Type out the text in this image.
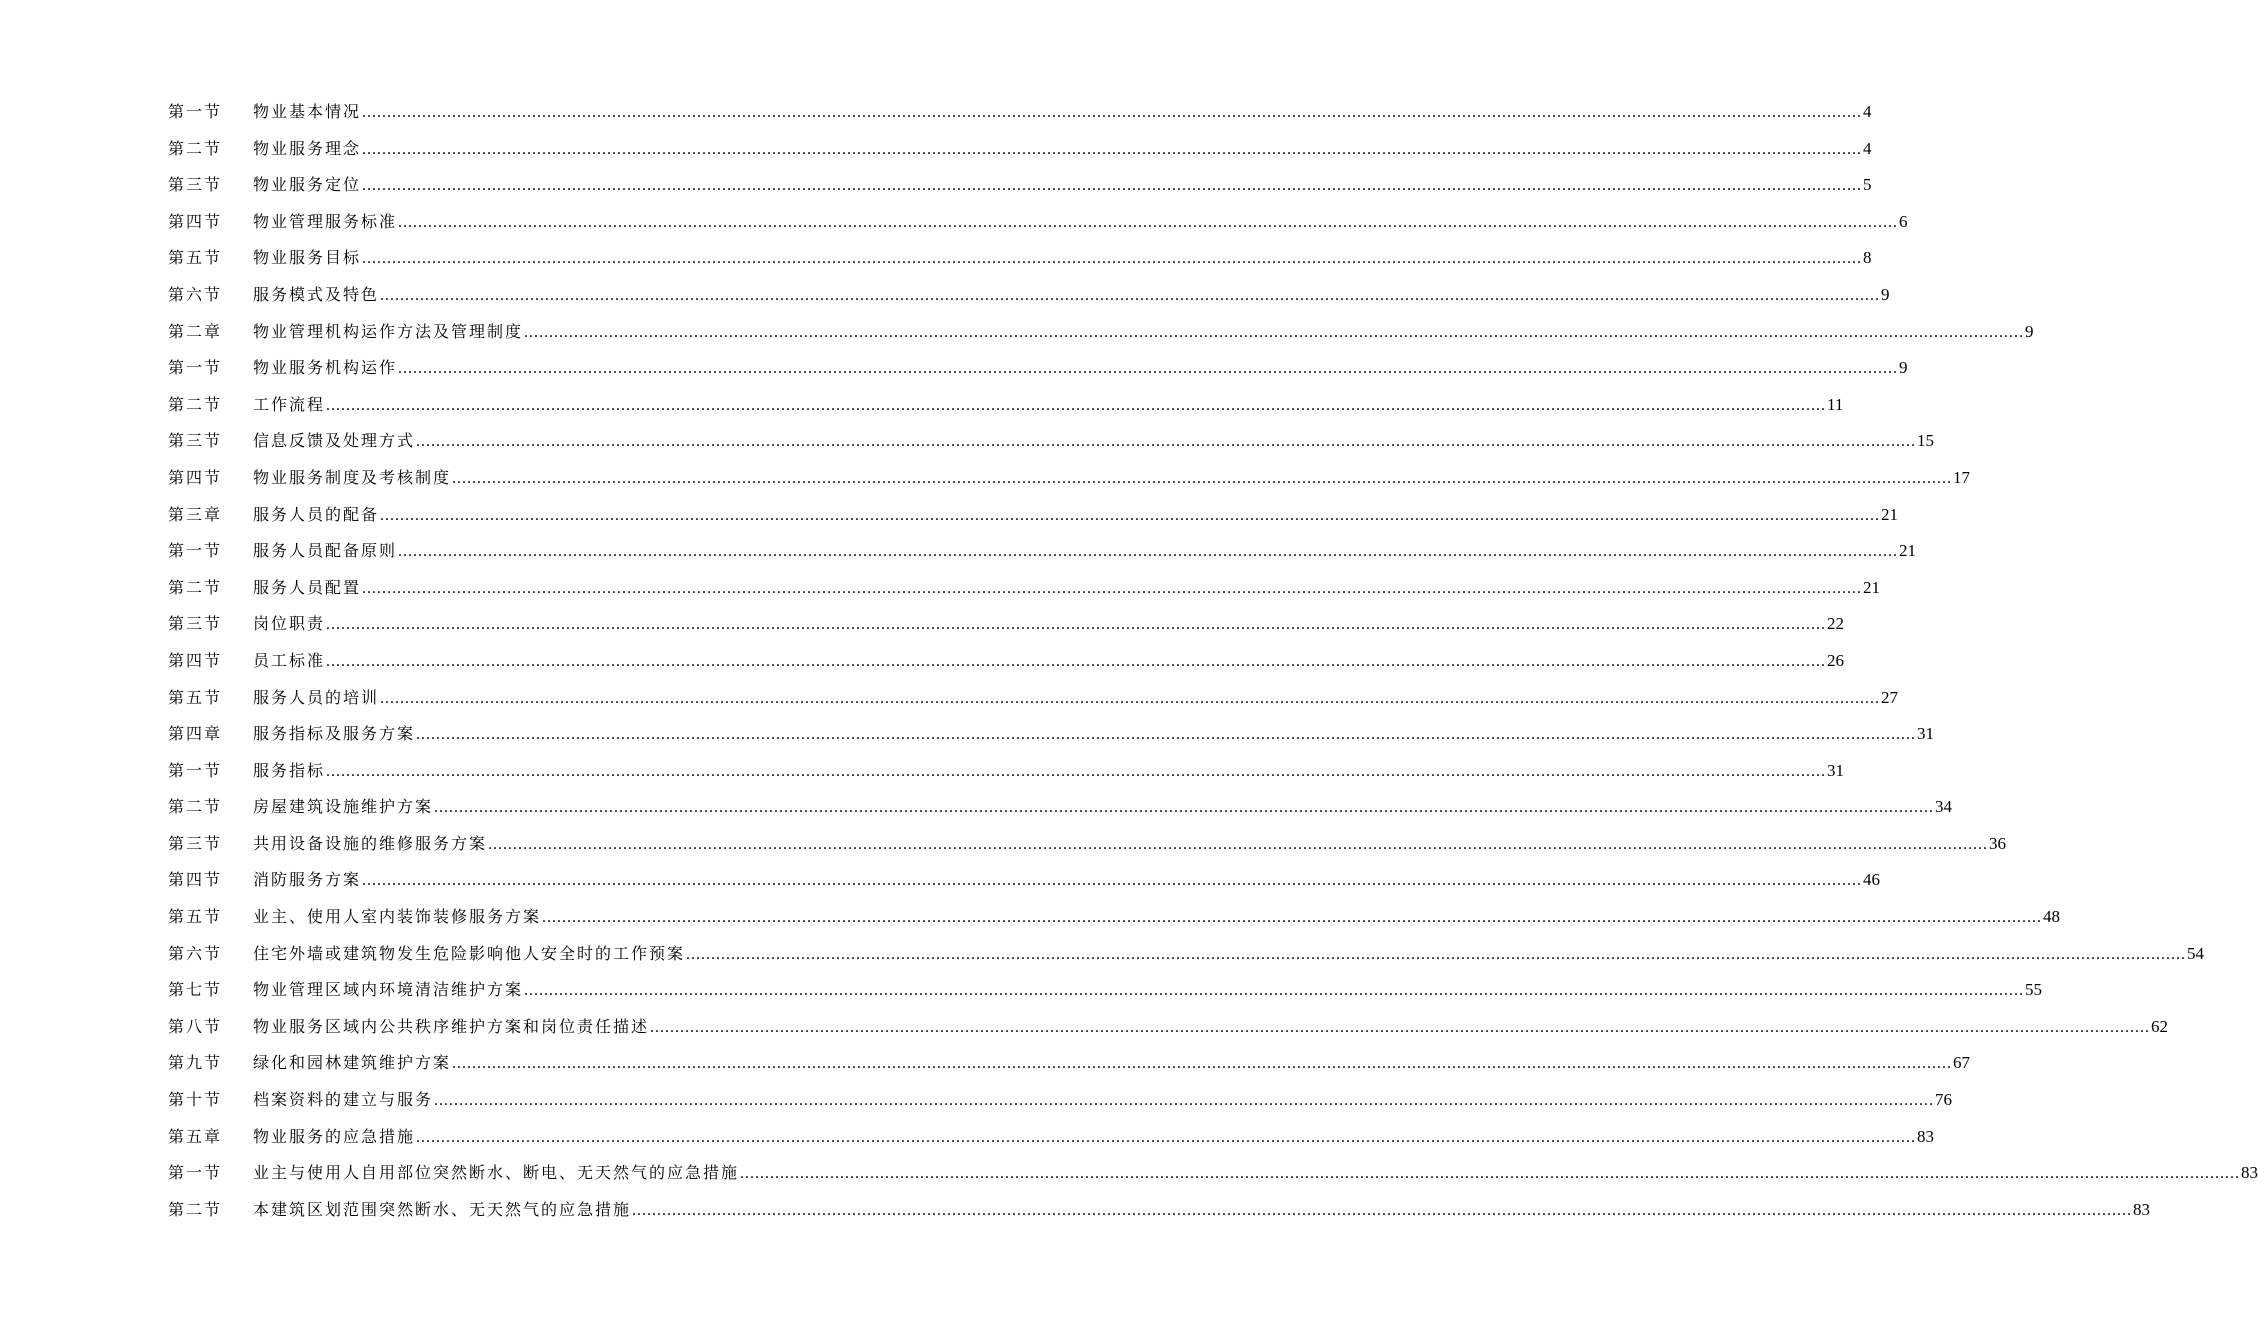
第一节	物业基本情况 ............................................................................................................................................................................................................................................................................................................ 4
第二节	物业服务理念 ............................................................................................................................................................................................................................................................................................................ 4
第三节	物业服务定位 ............................................................................................................................................................................................................................................................................................................ 5
第四节	物业管理服务标准 ............................................................................................................................................................................................................................................................................................................ 6
第五节	物业服务目标 ............................................................................................................................................................................................................................................................................................................ 8
第六节	服务模式及特色 ............................................................................................................................................................................................................................................................................................................ 9
第二章	物业管理机构运作方法及管理制度 ............................................................................................................................................................................................................................................................................................................ 9
第一节	物业服务机构运作 ............................................................................................................................................................................................................................................................................................................ 9
第二节	工作流程 ............................................................................................................................................................................................................................................................................................................ 11
第三节	信息反馈及处理方式 ............................................................................................................................................................................................................................................................................................................ 15
第四节	物业服务制度及考核制度 ............................................................................................................................................................................................................................................................................................................ 17
第三章	服务人员的配备 ............................................................................................................................................................................................................................................................................................................ 21
第一节	服务人员配备原则 ............................................................................................................................................................................................................................................................................................................ 21
第二节	服务人员配置 ............................................................................................................................................................................................................................................................................................................ 21
第三节	岗位职责 ............................................................................................................................................................................................................................................................................................................ 22
第四节	员工标准 ............................................................................................................................................................................................................................................................................................................ 26
第五节	服务人员的培训 ............................................................................................................................................................................................................................................................................................................ 27
第四章	服务指标及服务方案 ............................................................................................................................................................................................................................................................................................................ 31
第一节	服务指标 ............................................................................................................................................................................................................................................................................................................ 31
第二节	房屋建筑设施维护方案 ............................................................................................................................................................................................................................................................................................................ 34
第三节	共用设备设施的维修服务方案 ............................................................................................................................................................................................................................................................................................................ 36
第四节	消防服务方案 ............................................................................................................................................................................................................................................................................................................ 46
第五节	业主、使用人室内装饰装修服务方案 ............................................................................................................................................................................................................................................................................................................ 48
第六节	住宅外墙或建筑物发生危险影响他人安全时的工作预案 ............................................................................................................................................................................................................................................................................................................ 54
第七节	物业管理区域内环境清洁维护方案 ............................................................................................................................................................................................................................................................................................................ 55
第八节	物业服务区域内公共秩序维护方案和岗位责任描述 ............................................................................................................................................................................................................................................................................................................ 62
第九节	绿化和园林建筑维护方案 ............................................................................................................................................................................................................................................................................................................ 67
第十节	档案资料的建立与服务 ............................................................................................................................................................................................................................................................................................................ 76
第五章	物业服务的应急措施 ............................................................................................................................................................................................................................................................................................................ 83
第一节	业主与使用人自用部位突然断水、断电、无天然气的应急措施 ............................................................................................................................................................................................................................................................................................................ 83
第二节	本建筑区划范围突然断水、无天然气的应急措施 ............................................................................................................................................................................................................................................................................................................ 83
